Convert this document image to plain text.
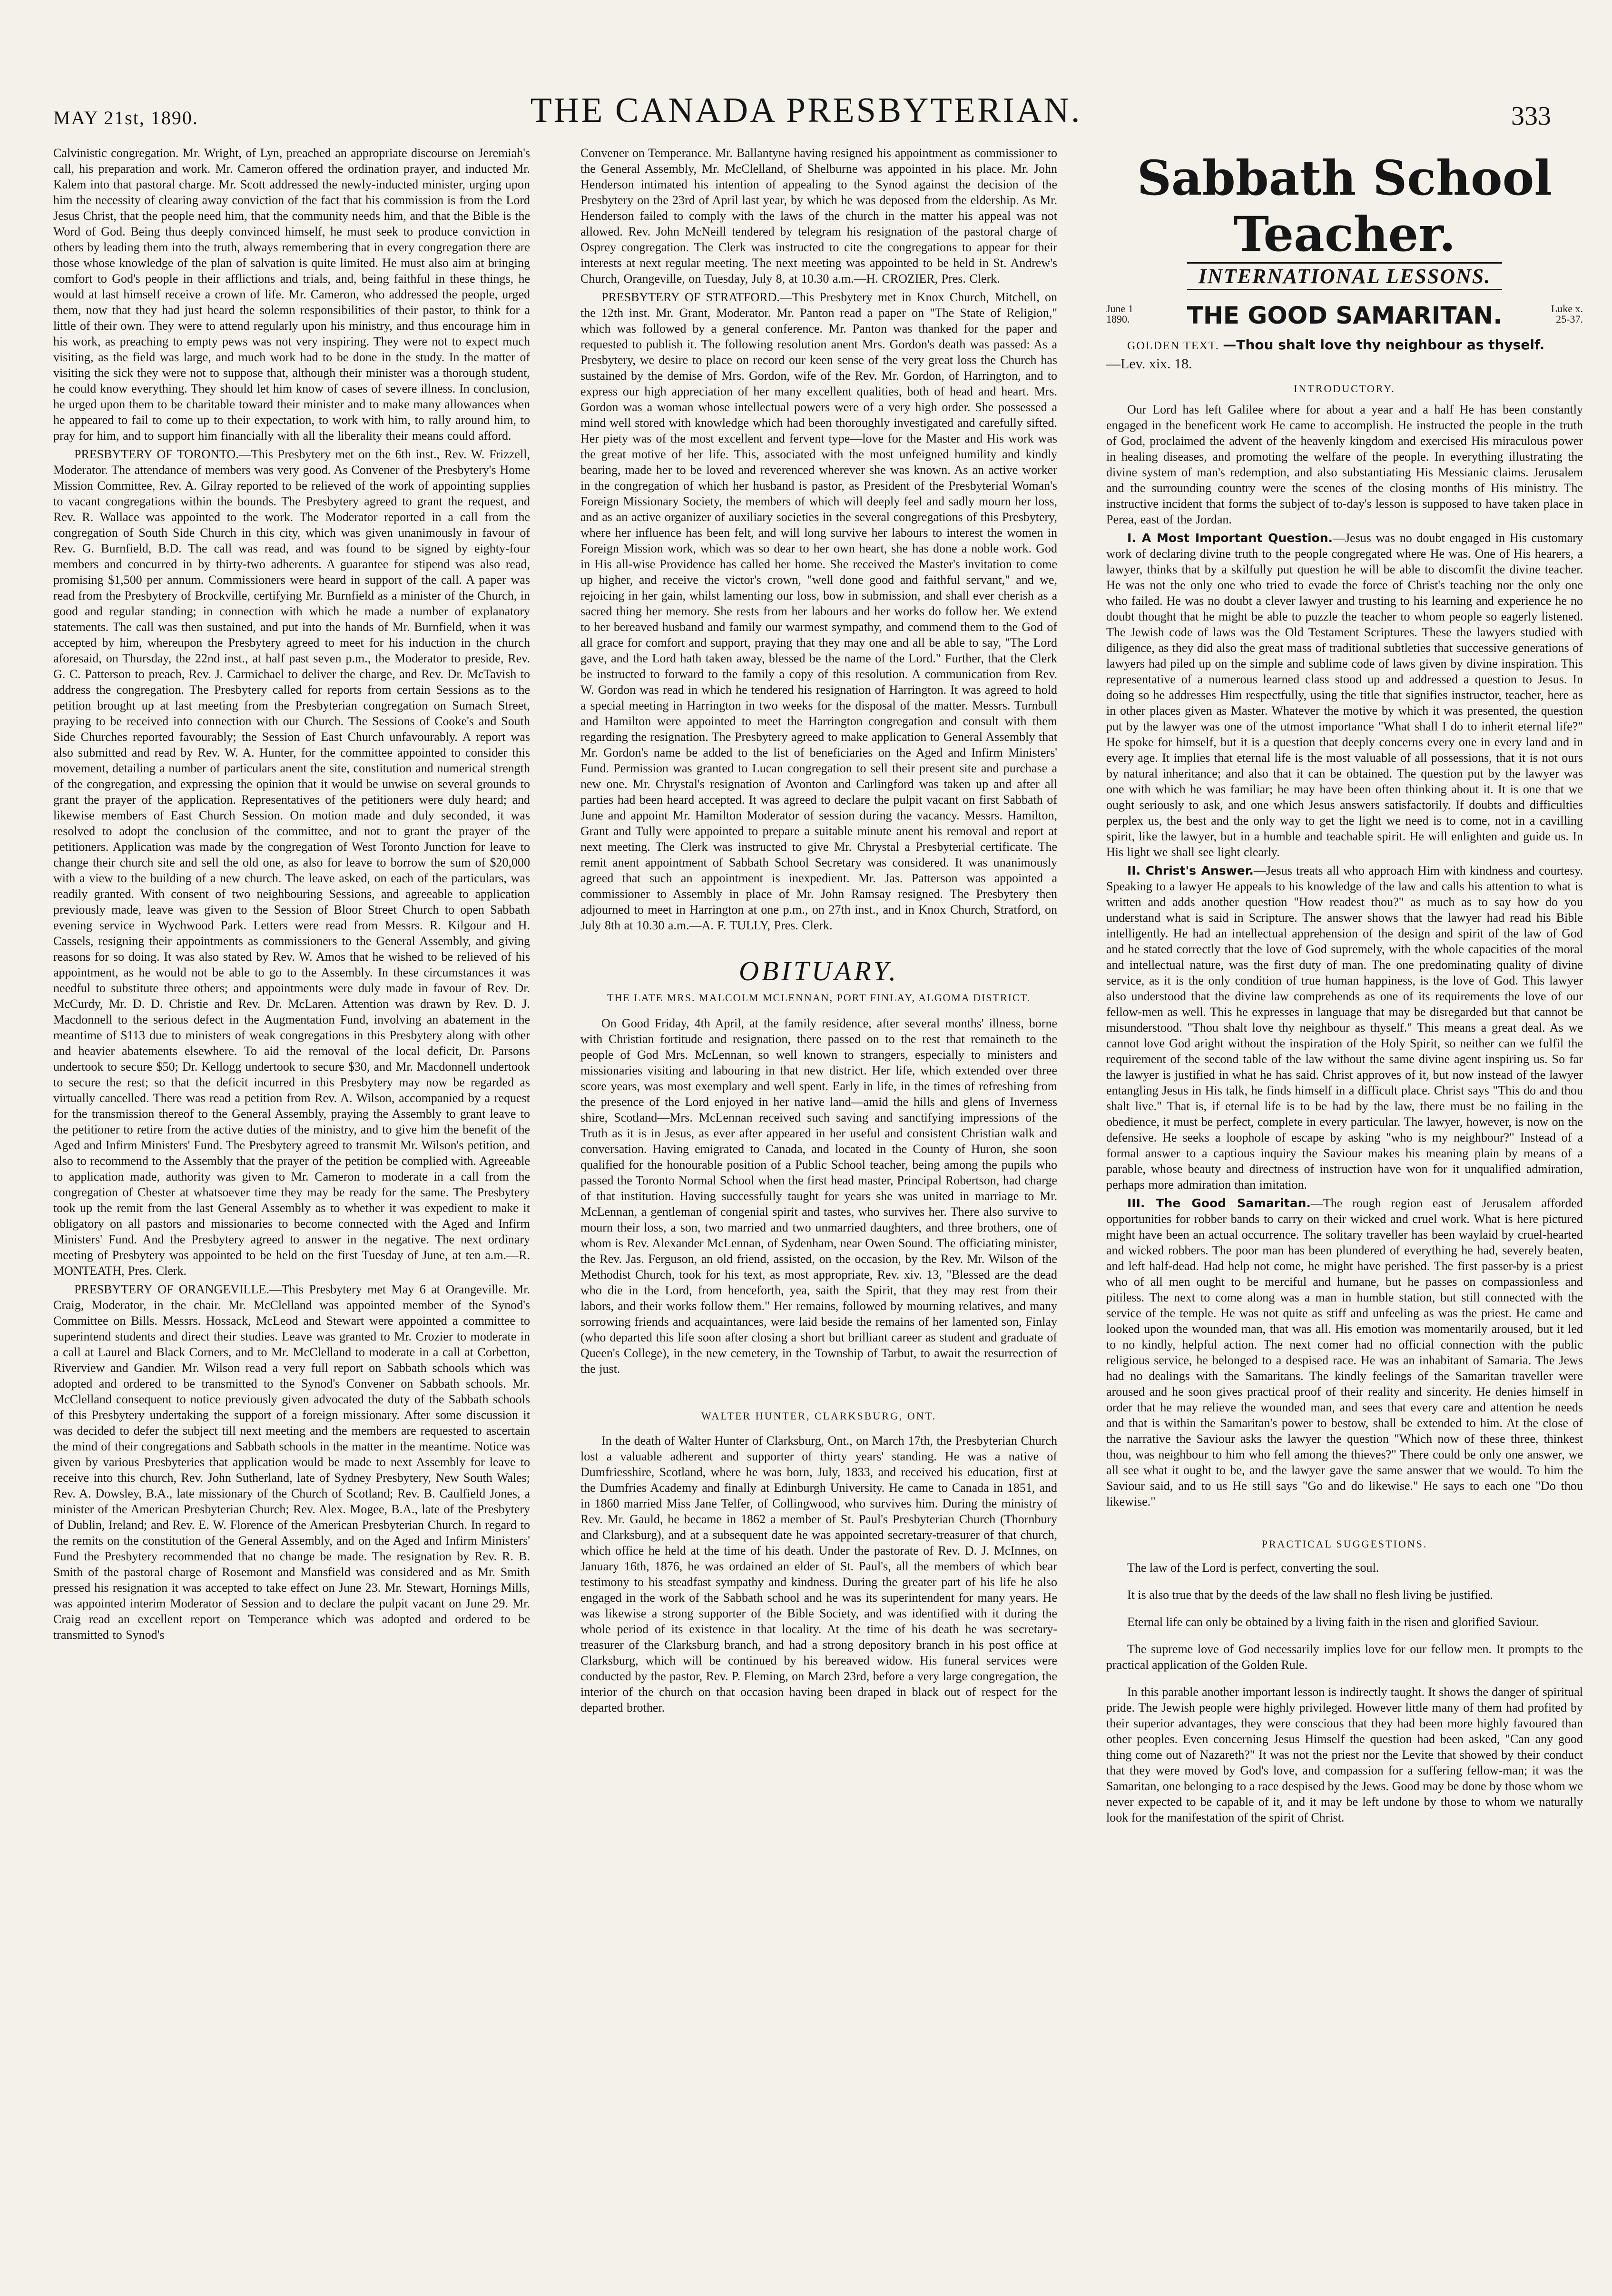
MAY 21st, 1890.	THE CANADA PRESBYTERIAN.	333

Calvinistic congregation. Mr. Wright, of Lyn, preached an appropriate discourse on Jeremiah's call, his preparation and work. Mr. Cameron offered the ordination prayer, and inducted Mr. Kalem into that pastoral charge. Mr. Scott addressed the newly-inducted minister, urging upon him the necessity of clearing away conviction of the fact that his commission is from the Lord Jesus Christ, that the people need him, that the community needs him, and that the Bible is the Word of God. Being thus deeply convinced himself, he must seek to produce conviction in others by leading them into the truth, always remembering that in every congregation there are those whose knowledge of the plan of salvation is quite limited. He must also aim at bringing comfort to God's people in their afflictions and trials, and, being faithful in these things, he would at last himself receive a crown of life. Mr. Cameron, who addressed the people, urged them, now that they had just heard the solemn responsibilities of their pastor, to think for a little of their own. They were to attend regularly upon his ministry, and thus encourage him in his work, as preaching to empty pews was not very inspiring. They were not to expect much visiting, as the field was large, and much work had to be done in the study. In the matter of visiting the sick they were not to suppose that, although their minister was a thorough student, he could know everything. They should let him know of cases of severe illness. In conclusion, he urged upon them to be charitable toward their minister and to make many allowances when he appeared to fail to come up to their expectation, to work with him, to rally around him, to pray for him, and to support him financially with all the liberality their means could afford.

PRESBYTERY OF TORONTO.—This Presbytery met on the 6th inst., Rev. W. Frizzell, Moderator. The attendance of members was very good. As Convener of the Presbytery's Home Mission Committee, Rev. A. Gilray reported to be relieved of the work of appointing supplies to vacant congregations within the bounds. The Presbytery agreed to grant the request, and Rev. R. Wallace was appointed to the work. The Moderator reported in a call from the congregation of South Side Church in this city, which was given unanimously in favour of Rev. G. Burnfield, B.D. The call was read, and was found to be signed by eighty-four members and concurred in by thirty-two adherents. A guarantee for stipend was also read, promising $1,500 per annum. Commissioners were heard in support of the call. A paper was read from the Presbytery of Brockville, certifying Mr. Burnfield as a minister of the Church, in good and regular standing; in connection with which he made a number of explanatory statements. The call was then sustained, and put into the hands of Mr. Burnfield, when it was accepted by him, whereupon the Presbytery agreed to meet for his induction in the church aforesaid, on Thursday, the 22nd inst., at half past seven p.m., the Moderator to preside, Rev. G. C. Patterson to preach, Rev. J. Carmichael to deliver the charge, and Rev. Dr. McTavish to address the congregation. The Presbytery called for reports from certain Sessions as to the petition brought up at last meeting from the Presbyterian congregation on Sumach Street, praying to be received into connection with our Church. The Sessions of Cooke's and South Side Churches reported favourably; the Session of East Church unfavourably. A report was also submitted and read by Rev. W. A. Hunter, for the committee appointed to consider this movement, detailing a number of particulars anent the site, constitution and numerical strength of the congregation, and expressing the opinion that it would be unwise on several grounds to grant the prayer of the application. Representatives of the petitioners were duly heard; and likewise members of East Church Session. On motion made and duly seconded, it was resolved to adopt the conclusion of the committee, and not to grant the prayer of the petitioners. Application was made by the congregation of West Toronto Junction for leave to change their church site and sell the old one, as also for leave to borrow the sum of $20,000 with a view to the building of a new church. The leave asked, on each of the particulars, was readily granted. With consent of two neighbouring Sessions, and agreeable to application previously made, leave was given to the Session of Bloor Street Church to open Sabbath evening service in Wychwood Park. Letters were read from Messrs. R. Kilgour and H. Cassels, resigning their appointments as commissioners to the General Assembly, and giving reasons for so doing. It was also stated by Rev. W. Amos that he wished to be relieved of his appointment, as he would not be able to go to the Assembly. In these circumstances it was needful to substitute three others; and appointments were duly made in favour of Rev. Dr. McCurdy, Mr. D. D. Christie and Rev. Dr. McLaren. Attention was drawn by Rev. D. J. Macdonnell to the serious defect in the Augmentation Fund, involving an abatement in the meantime of $113 due to ministers of weak congregations in this Presbytery along with other and heavier abatements elsewhere. To aid the removal of the local deficit, Dr. Parsons undertook to secure $50; Dr. Kellogg undertook to secure $30, and Mr. Macdonnell undertook to secure the rest; so that the deficit incurred in this Presbytery may now be regarded as virtually cancelled. There was read a petition from Rev. A. Wilson, accompanied by a request for the transmission thereof to the General Assembly, praying the Assembly to grant leave to the petitioner to retire from the active duties of the ministry, and to give him the benefit of the Aged and Infirm Ministers' Fund. The Presbytery agreed to transmit Mr. Wilson's petition, and also to recommend to the Assembly that the prayer of the petition be complied with. Agreeable to application made, authority was given to Mr. Cameron to moderate in a call from the congregation of Chester at whatsoever time they may be ready for the same. The Presbytery took up the remit from the last General Assembly as to whether it was expedient to make it obligatory on all pastors and missionaries to become connected with the Aged and Infirm Ministers' Fund. And the Presbytery agreed to answer in the negative. The next ordinary meeting of Presbytery was appointed to be held on the first Tuesday of June, at ten a.m.—R. MONTEATH, Pres. Clerk.

PRESBYTERY OF ORANGEVILLE.—This Presbytery met May 6 at Orangeville. Mr. Craig, Moderator, in the chair. Mr. McClelland was appointed member of the Synod's Committee on Bills. Messrs. Hossack, McLeod and Stewart were appointed a committee to superintend students and direct their studies. Leave was granted to Mr. Crozier to moderate in a call at Laurel and Black Corners, and to Mr. McClelland to moderate in a call at Corbetton, Riverview and Gandier. Mr. Wilson read a very full report on Sabbath schools which was adopted and ordered to be transmitted to the Synod's Convener on Sabbath schools. Mr. McClelland consequent to notice previously given advocated the duty of the Sabbath schools of this Presbytery undertaking the support of a foreign missionary. After some discussion it was decided to defer the subject till next meeting and the members are requested to ascertain the mind of their congregations and Sabbath schools in the matter in the meantime. Notice was given by various Presbyteries that application would be made to next Assembly for leave to receive into this church, Rev. John Sutherland, late of Sydney Presbytery, New South Wales; Rev. A. Dowsley, B.A., late missionary of the Church of Scotland; Rev. B. Caulfield Jones, a minister of the American Presbyterian Church; Rev. Alex. Mogee, B.A., late of the Presbytery of Dublin, Ireland; and Rev. E. W. Florence of the American Presbyterian Church. In regard to the remits on the constitution of the General Assembly, and on the Aged and Infirm Ministers' Fund the Presbytery recommended that no change be made. The resignation by Rev. R. B. Smith of the pastoral charge of Rosemont and Mansfield was considered and as Mr. Smith pressed his resignation it was accepted to take effect on June 23. Mr. Stewart, Hornings Mills, was appointed interim Moderator of Session and to declare the pulpit vacant on June 29. Mr. Craig read an excellent report on Temperance which was adopted and ordered to be transmitted to Synod's

Convener on Temperance. Mr. Ballantyne having resigned his appointment as commissioner to the General Assembly, Mr. McClelland, of Shelburne was appointed in his place. Mr. John Henderson intimated his intention of appealing to the Synod against the decision of the Presbytery on the 23rd of April last year, by which he was deposed from the eldership. As Mr. Henderson failed to comply with the laws of the church in the matter his appeal was not allowed. Rev. John McNeill tendered by telegram his resignation of the pastoral charge of Osprey congregation. The Clerk was instructed to cite the congregations to appear for their interests at next regular meeting. The next meeting was appointed to be held in St. Andrew's Church, Orangeville, on Tuesday, July 8, at 10.30 a.m.—H. CROZIER, Pres. Clerk.

PRESBYTERY OF STRATFORD.—This Presbytery met in Knox Church, Mitchell, on the 12th inst. Mr. Grant, Moderator. Mr. Panton read a paper on "The State of Religion," which was followed by a general conference. Mr. Panton was thanked for the paper and requested to publish it. The following resolution anent Mrs. Gordon's death was passed: As a Presbytery, we desire to place on record our keen sense of the very great loss the Church has sustained by the demise of Mrs. Gordon, wife of the Rev. Mr. Gordon, of Harrington, and to express our high appreciation of her many excellent qualities, both of head and heart. Mrs. Gordon was a woman whose intellectual powers were of a very high order. She possessed a mind well stored with knowledge which had been thoroughly investigated and carefully sifted. Her piety was of the most excellent and fervent type—love for the Master and His work was the great motive of her life. This, associated with the most unfeigned humility and kindly bearing, made her to be loved and reverenced wherever she was known. As an active worker in the congregation of which her husband is pastor, as President of the Presbyterial Woman's Foreign Missionary Society, the members of which will deeply feel and sadly mourn her loss, and as an active organizer of auxiliary societies in the several congregations of this Presbytery, where her influence has been felt, and will long survive her labours to interest the women in Foreign Mission work, which was so dear to her own heart, she has done a noble work. God in His all-wise Providence has called her home. She received the Master's invitation to come up higher, and receive the victor's crown, "well done good and faithful servant," and we, rejoicing in her gain, whilst lamenting our loss, bow in submission, and shall ever cherish as a sacred thing her memory. She rests from her labours and her works do follow her. We extend to her bereaved husband and family our warmest sympathy, and commend them to the God of all grace for comfort and support, praying that they may one and all be able to say, "The Lord gave, and the Lord hath taken away, blessed be the name of the Lord." Further, that the Clerk be instructed to forward to the family a copy of this resolution. A communication from Rev. W. Gordon was read in which he tendered his resignation of Harrington. It was agreed to hold a special meeting in Harrington in two weeks for the disposal of the matter. Messrs. Turnbull and Hamilton were appointed to meet the Harrington congregation and consult with them regarding the resignation. The Presbytery agreed to make application to General Assembly that Mr. Gordon's name be added to the list of beneficiaries on the Aged and Infirm Ministers' Fund. Permission was granted to Lucan congregation to sell their present site and purchase a new one. Mr. Chrystal's resignation of Avonton and Carlingford was taken up and after all parties had been heard accepted. It was agreed to declare the pulpit vacant on first Sabbath of June and appoint Mr. Hamilton Moderator of session during the vacancy. Messrs. Hamilton, Grant and Tully were appointed to prepare a suitable minute anent his removal and report at next meeting. The Clerk was instructed to give Mr. Chrystal a Presbyterial certificate. The remit anent appointment of Sabbath School Secretary was considered. It was unanimously agreed that such an appointment is inexpedient. Mr. Jas. Patterson was appointed a commissioner to Assembly in place of Mr. John Ramsay resigned. The Presbytery then adjourned to meet in Harrington at one p.m., on 27th inst., and in Knox Church, Stratford, on July 8th at 10.30 a.m.—A. F. TULLY, Pres. Clerk.

OBITUARY.
THE LATE MRS. MALCOLM MCLENNAN, PORT FINLAY, ALGOMA DISTRICT.

On Good Friday, 4th April, at the family residence, after several months' illness, borne with Christian fortitude and resignation, there passed on to the rest that remaineth to the people of God Mrs. McLennan, so well known to strangers, especially to ministers and missionaries visiting and labouring in that new district. Her life, which extended over three score years, was most exemplary and well spent. Early in life, in the times of refreshing from the presence of the Lord enjoyed in her native land—amid the hills and glens of Inverness shire, Scotland—Mrs. McLennan received such saving and sanctifying impressions of the Truth as it is in Jesus, as ever after appeared in her useful and consistent Christian walk and conversation. Having emigrated to Canada, and located in the County of Huron, she soon qualified for the honourable position of a Public School teacher, being among the pupils who passed the Toronto Normal School when the first head master, Principal Robertson, had charge of that institution. Having successfully taught for years she was united in marriage to Mr. McLennan, a gentleman of congenial spirit and tastes, who survives her. There also survive to mourn their loss, a son, two married and two unmarried daughters, and three brothers, one of whom is Rev. Alexander McLennan, of Sydenham, near Owen Sound. The officiating minister, the Rev. Jas. Ferguson, an old friend, assisted, on the occasion, by the Rev. Mr. Wilson of the Methodist Church, took for his text, as most appropriate, Rev. xiv. 13, "Blessed are the dead who die in the Lord, from henceforth, yea, saith the Spirit, that they may rest from their labors, and their works follow them." Her remains, followed by mourning relatives, and many sorrowing friends and acquaintances, were laid beside the remains of her lamented son, Finlay (who departed this life soon after closing a short but brilliant career as student and graduate of Queen's College), in the new cemetery, in the Township of Tarbut, to await the resurrection of the just.

WALTER HUNTER, CLARKSBURG, ONT.

In the death of Walter Hunter of Clarksburg, Ont., on March 17th, the Presbyterian Church lost a valuable adherent and supporter of thirty years' standing. He was a native of Dumfriesshire, Scotland, where he was born, July, 1833, and received his education, first at the Dumfries Academy and finally at Edinburgh University. He came to Canada in 1851, and in 1860 married Miss Jane Telfer, of Collingwood, who survives him. During the ministry of Rev. Mr. Gauld, he became in 1862 a member of St. Paul's Presbyterian Church (Thornbury and Clarksburg), and at a subsequent date he was appointed secretary-treasurer of that church, which office he held at the time of his death. Under the pastorate of Rev. D. J. McInnes, on January 16th, 1876, he was ordained an elder of St. Paul's, all the members of which bear testimony to his steadfast sympathy and kindness. During the greater part of his life he also engaged in the work of the Sabbath school and he was its superintendent for many years. He was likewise a strong supporter of the Bible Society, and was identified with it during the whole period of its existence in that locality. At the time of his death he was secretary-treasurer of the Clarksburg branch, and had a strong depository branch in his post office at Clarksburg, which will be continued by his bereaved widow. His funeral services were conducted by the pastor, Rev. P. Fleming, on March 23rd, before a very large congregation, the interior of the church on that occasion having been draped in black out of respect for the departed brother.

Sabbath School Teacher.
INTERNATIONAL LESSONS.
June 1
1890.	THE GOOD SAMARITAN.	Luke x.
25-37.

GOLDEN TEXT. —Thou shalt love thy neighbour as thyself.
—Lev. xix. 18.

INTRODUCTORY.

Our Lord has left Galilee where for about a year and a half He has been constantly engaged in the beneficent work He came to accomplish. He instructed the people in the truth of God, proclaimed the advent of the heavenly kingdom and exercised His miraculous power in healing diseases, and promoting the welfare of the people. In everything illustrating the divine system of man's redemption, and also substantiating His Messianic claims. Jerusalem and the surrounding country were the scenes of the closing months of His ministry. The instructive incident that forms the subject of to-day's lesson is supposed to have taken place in Perea, east of the Jordan.

I. A Most Important Question.—Jesus was no doubt engaged in His customary work of declaring divine truth to the people congregated where He was. One of His hearers, a lawyer, thinks that by a skilfully put question he will be able to discomfit the divine teacher. He was not the only one who tried to evade the force of Christ's teaching nor the only one who failed. He was no doubt a clever lawyer and trusting to his learning and experience he no doubt thought that he might be able to puzzle the teacher to whom people so eagerly listened. The Jewish code of laws was the Old Testament Scriptures. These the lawyers studied with diligence, as they did also the great mass of traditional subtleties that successive generations of lawyers had piled up on the simple and sublime code of laws given by divine inspiration. This representative of a numerous learned class stood up and addressed a question to Jesus. In doing so he addresses Him respectfully, using the title that signifies instructor, teacher, here as in other places given as Master. Whatever the motive by which it was presented, the question put by the lawyer was one of the utmost importance "What shall I do to inherit eternal life?" He spoke for himself, but it is a question that deeply concerns every one in every land and in every age. It implies that eternal life is the most valuable of all possessions, that it is not ours by natural inheritance; and also that it can be obtained. The question put by the lawyer was one with which he was familiar; he may have been often thinking about it. It is one that we ought seriously to ask, and one which Jesus answers satisfactorily. If doubts and difficulties perplex us, the best and the only way to get the light we need is to come, not in a cavilling spirit, like the lawyer, but in a humble and teachable spirit. He will enlighten and guide us. In His light we shall see light clearly.

II. Christ's Answer.—Jesus treats all who approach Him with kindness and courtesy. Speaking to a lawyer He appeals to his knowledge of the law and calls his attention to what is written and adds another question "How readest thou?" as much as to say how do you understand what is said in Scripture. The answer shows that the lawyer had read his Bible intelligently. He had an intellectual apprehension of the design and spirit of the law of God and he stated correctly that the love of God supremely, with the whole capacities of the moral and intellectual nature, was the first duty of man. The one predominating quality of divine service, as it is the only condition of true human happiness, is the love of God. This lawyer also understood that the divine law comprehends as one of its requirements the love of our fellow-men as well. This he expresses in language that may be disregarded but that cannot be misunderstood. "Thou shalt love thy neighbour as thyself." This means a great deal. As we cannot love God aright without the inspiration of the Holy Spirit, so neither can we fulfil the requirement of the second table of the law without the same divine agent inspiring us. So far the lawyer is justified in what he has said. Christ approves of it, but now instead of the lawyer entangling Jesus in His talk, he finds himself in a difficult place. Christ says "This do and thou shalt live." That is, if eternal life is to be had by the law, there must be no failing in the obedience, it must be perfect, complete in every particular. The lawyer, however, is now on the defensive. He seeks a loophole of escape by asking "who is my neighbour?" Instead of a formal answer to a captious inquiry the Saviour makes his meaning plain by means of a parable, whose beauty and directness of instruction have won for it unqualified admiration, perhaps more admiration than imitation.

III. The Good Samaritan.—The rough region east of Jerusalem afforded opportunities for robber bands to carry on their wicked and cruel work. What is here pictured might have been an actual occurrence. The solitary traveller has been waylaid by cruel-hearted and wicked robbers. The poor man has been plundered of everything he had, severely beaten, and left half-dead. Had help not come, he might have perished. The first passer-by is a priest who of all men ought to be merciful and humane, but he passes on compassionless and pitiless. The next to come along was a man in humble station, but still connected with the service of the temple. He was not quite as stiff and unfeeling as was the priest. He came and looked upon the wounded man, that was all. His emotion was momentarily aroused, but it led to no kindly, helpful action. The next comer had no official connection with the public religious service, he belonged to a despised race. He was an inhabitant of Samaria. The Jews had no dealings with the Samaritans. The kindly feelings of the Samaritan traveller were aroused and he soon gives practical proof of their reality and sincerity. He denies himself in order that he may relieve the wounded man, and sees that every care and attention he needs and that is within the Samaritan's power to bestow, shall be extended to him. At the close of the narrative the Saviour asks the lawyer the question "Which now of these three, thinkest thou, was neighbour to him who fell among the thieves?" There could be only one answer, we all see what it ought to be, and the lawyer gave the same answer that we would. To him the Saviour said, and to us He still says "Go and do likewise." He says to each one "Do thou likewise."

PRACTICAL SUGGESTIONS.

The law of the Lord is perfect, converting the soul.

It is also true that by the deeds of the law shall no flesh living be justified.

Eternal life can only be obtained by a living faith in the risen and glorified Saviour.

The supreme love of God necessarily implies love for our fellow men. It prompts to the practical application of the Golden Rule.

In this parable another important lesson is indirectly taught. It shows the danger of spiritual pride. The Jewish people were highly privileged. However little many of them had profited by their superior advantages, they were conscious that they had been more highly favoured than other peoples. Even concerning Jesus Himself the question had been asked, "Can any good thing come out of Nazareth?" It was not the priest nor the Levite that showed by their conduct that they were moved by God's love, and compassion for a suffering fellow-man; it was the Samaritan, one belonging to a race despised by the Jews. Good may be done by those whom we never expected to be capable of it, and it may be left undone by those to whom we naturally look for the manifestation of the spirit of Christ.
